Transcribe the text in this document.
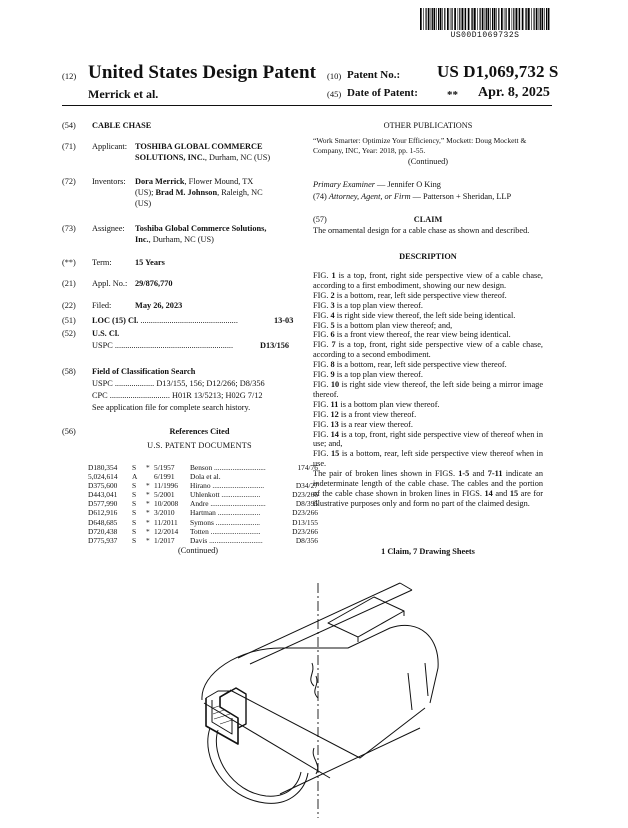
US00D1069732S
(12) United States Design Patent (10) Patent No.: US D1,069,732 S
Merrick et al.	(45) Date of Patent:	** Apr. 8, 2025
(54) CABLE CHASE
(71) Applicant: TOSHIBA GLOBAL COMMERCE
SOLUTIONS, INC., Durham, NC (US)
(72) Inventors: Dora Merrick, Flower Mound, TX
(US); Brad M. Johnson, Raleigh, NC
(US)
(73) Assignee: Toshiba Global Commerce Solutions,
Inc., Durham, NC (US)
(**) Term:	15 Years
(21) Appl. No.: 29/876,770
(22) Filed:	May 26, 2023
(51) LOC (15) Cl. ...............................................	13-03
(52) U.S. Cl.
USPC .........................................................	D13/156
(58) Field of Classification Search
USPC ................... D13/155, 156; D12/266; D8/356
CPC ............................. H01R 13/5213; H02G 7/12
See application file for complete search history.
(56)	References Cited
U.S. PATENT DOCUMENTS
D180,354	S	*	5/1957	Benson ............................	174/76
5,024,614	A		6/1991	Dola et al.	
D375,600	S	*	11/1996	Hirano ............................	D34/27
D443,041	S	*	5/2001	Uhlenkott .....................	D23/266
D577,990	S	*	10/2008	Andre ..............................	D8/395
D612,916	S	*	3/2010	Hartman .......................	D23/266
D648,685	S	*	11/2011	Symons ........................	D13/155
D720,438	S	*	12/2014	Totten ...........................	D23/266
D775,937	S	*	1/2017	Davis .............................	D8/356
(Continued)
OTHER PUBLICATIONS
“Work Smarter: Optimize Your Efficiency,” Mockett: Doug Mockett & Company, INC, Year: 2018, pp. 1-55.
(Continued)
Primary Examiner — Jennifer O King
(74) Attorney, Agent, or Firm — Patterson + Sheridan, LLP
(57)	CLAIM
The ornamental design for a cable chase as shown and described.
DESCRIPTION

FIG. 1 is a top, front, right side perspective view of a cable chase, according to a first embodiment, showing our new design.

FIG. 2 is a bottom, rear, left side perspective view thereof.

FIG. 3 is a top plan view thereof.

FIG. 4 is right side view thereof, the left side being identical.

FIG. 5 is a bottom plan view thereof; and,

FIG. 6 is a front view thereof, the rear view being identical.

FIG. 7 is a top, front, right side perspective view of a cable chase, according to a second embodiment.

FIG. 8 is a bottom, rear, left side perspective view thereof.

FIG. 9 is a top plan view thereof.

FIG. 10 is right side view thereof, the left side being a mirror image thereof.

FIG. 11 is a bottom plan view thereof.

FIG. 12 is a front view thereof.

FIG. 13 is a rear view thereof.

FIG. 14 is a top, front, right side perspective view of thereof when in use; and,

FIG. 15 is a bottom, rear, left side perspective view thereof when in use.

The pair of broken lines shown in FIGS. 1-5 and 7-11 indicate an indeterminate length of the cable chase. The cables and the portion of the cable chase shown in broken lines in FIGS. 14 and 15 are for illustrative purposes only and form no part of the claimed design.

1 Claim, 7 Drawing Sheets
